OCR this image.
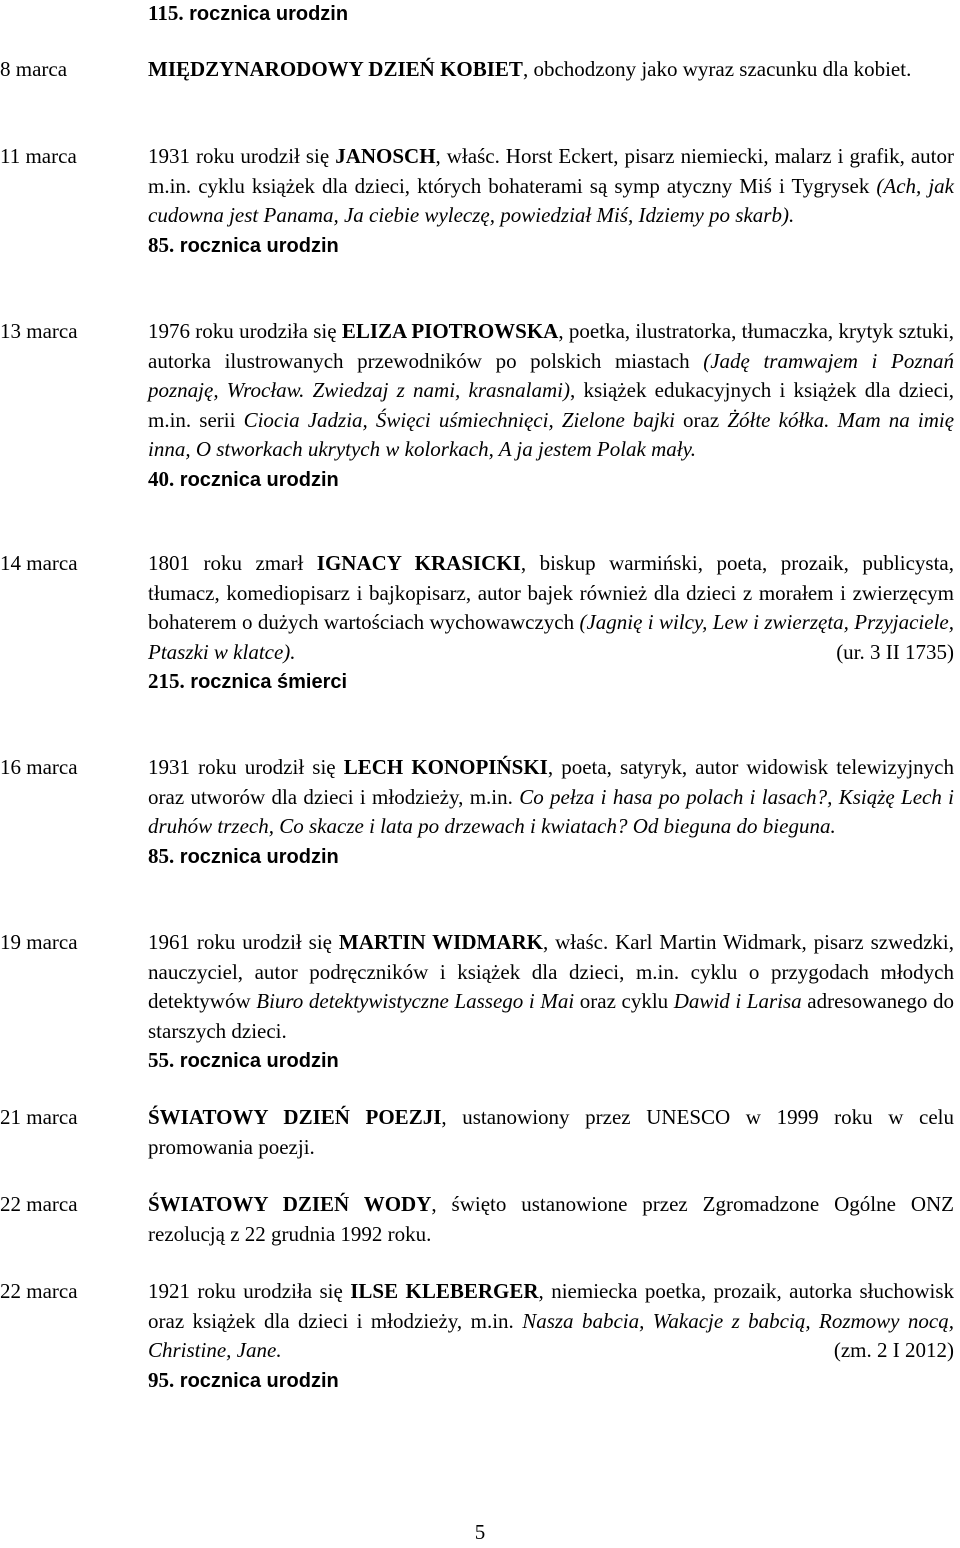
115. rocznica urodzin

8 marca	MIĘDZYNARODOWY DZIEŃ KOBIET, obchodzony jako wyraz szacunku dla kobiet.

11 marca	1931 roku urodził się JANOSCH, właśc. Horst Eckert, pisarz niemiecki, malarz i grafik, autor m.in. cyklu książek dla dzieci, których bohaterami są symp atyczny Miś i Tygrysek (Ach, jak cudowna jest Panama, Ja ciebie wyleczę, powiedział Miś, Idziemy po skarb).

85. rocznica urodzin

13 marca	1976 roku urodziła się ELIZA PIOTROWSKA, poetka, ilustratorka, tłumaczka, krytyk sztuki, autorka ilustrowanych przewodników po polskich miastach (Jadę tramwajem i Poznań poznaję, Wrocław. Zwiedzaj z nami, krasnalami), książek edukacyjnych i książek dla dzieci, m.in. serii Ciocia Jadzia, Święci uśmiechnięci, Zielone bajki oraz Żółte kółka. Mam na imię inna, O stworkach ukrytych w kolorkach, A ja jestem Polak mały.

40. rocznica urodzin

14 marca	1801 roku zmarł IGNACY KRASICKI, biskup warmiński, poeta, prozaik, publicysta, tłumacz, komediopisarz i bajkopisarz, autor bajek również dla dzieci z morałem i zwierzęcym bohaterem o dużych wartościach wychowawczych (Jagnię i wilcy, Lew i zwierzęta, Przyjaciele, Ptaszki w klatce).	(ur. 3 II 1735)

215. rocznica śmierci

16 marca	1931 roku urodził się LECH KONOPIŃSKI, poeta, satyryk, autor widowisk telewizyjnych oraz utworów dla dzieci i młodzieży, m.in. Co pełza i hasa po polach i lasach?, Książę Lech i druhów trzech, Co skacze i lata po drzewach i kwiatach? Od bieguna do bieguna.

85. rocznica urodzin

19 marca	1961 roku urodził się MARTIN WIDMARK, właśc. Karl Martin Widmark, pisarz szwedzki, nauczyciel, autor podręczników i książek dla dzieci, m.in. cyklu o przygodach młodych detektywów Biuro detektywistyczne Lassego i Mai oraz cyklu Dawid i Larisa adresowanego do starszych dzieci.

55. rocznica urodzin

21 marca	ŚWIATOWY DZIEŃ POEZJI, ustanowiony przez UNESCO w 1999 roku w celu promowania poezji.

22 marca	ŚWIATOWY DZIEŃ WODY, święto ustanowione przez Zgromadzone Ogólne ONZ rezolucją z 22 grudnia 1992 roku.

22 marca	1921 roku urodziła się ILSE KLEBERGER, niemiecka poetka, prozaik, autorka słuchowisk oraz książek dla dzieci i młodzieży, m.in. Nasza babcia, Wakacje z babcią, Rozmowy nocą, Christine, Jane.	(zm. 2 I 2012)

95. rocznica urodzin

5
